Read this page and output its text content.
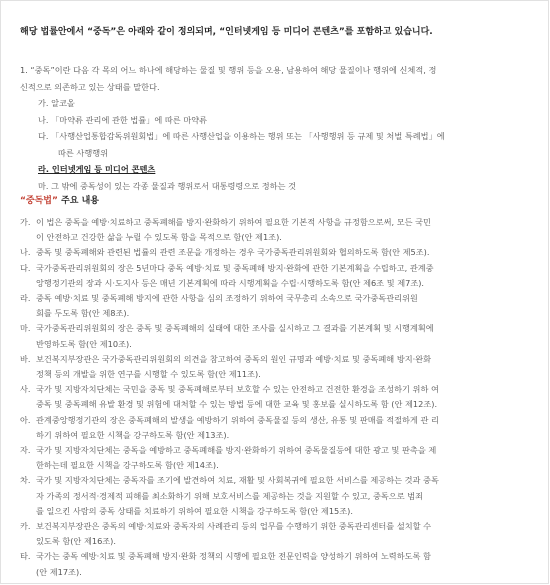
해당 법률안에서 “중독”은 아래와 같이 정의되며, “인터넷게임 등 미디어 콘텐츠”를 포함하고 있습니다.
1. “중독”이란 다음 각 목의 어느 하나에 해당하는 물질 및 행위 등을 오용, 남용하여 해당 물질이나 행위에 신체적, 정
신적으로 의존하고 있는 상태를 말한다.
가. 알코올
나. 「마약류 관리에 관한 법률」에 따른 마약류
다. 「사행산업통합감독위원회법」에 따른 사행산업을 이용하는 행위 또는 「사행행위 등 규제 및 처벌 특례법」에
따른 사행행위
라. 인터넷게임 등 미디어 콘텐츠
마. 그 밖에 중독성이 있는 각종 물질과 행위로서 대통령령으로 정하는 것
“중독법” 주요 내용
가. 이 법은 중독을 예방·치료하고 중독폐해를 방지·완화하기 위하여 필요한 기본적 사항을 규정함으로써, 모든 국민
이 안전하고 건강한 삶을 누릴 수 있도록 함을 목적으로 함(안 제1조).
나. 중독 및 중독폐해와 관련된 법률의 관련 조문을 개정하는 경우 국가중독관리위원회와 협의하도록 함(안 제5조).
다. 국가중독관리위원회의 장은 5년마다 중독 예방·치료 및 중독폐해 방지·완화에 관한 기본계획을 수립하고, 관계중
앙행정기관의 장과 시·도지사 등은 매년 기본계획에 따라 시행계획을 수립·시행하도록 함(안 제6조 및 제7조).
라. 중독 예방·치료 및 중독폐해 방지에 관한 사항을 심의 조정하기 위하여 국무총리 소속으로 국가중독관리위원
회를 두도록 함(안 제8조).
마. 국가중독관리위원회의 장은 중독 및 중독폐해의 실태에 대한 조사를 실시하고 그 결과를 기본계획 및 시행계획에
반영하도록 함(안 제10조).
바. 보건복지부장관은 국가중독관리위원회의 의견을 참고하여 중독의 원인 규명과 예방·치료 및 중독폐해 방지·완화
정책 등의 개발을 위한 연구를 시행할 수 있도록 함(안 제11조).
사. 국가 및 지방자치단체는 국민을 중독 및 중독폐해로부터 보호할 수 있는 안전하고 건전한 환경을 조성하기 위하 여
중독 및 중독폐해 유발 환경 및 위험에 대처할 수 있는 방법 등에 대한 교육 및 홍보를 실시하도록 함 (안 제12조).
아. 관계중앙행정기관의 장은 중독폐해의 발생을 예방하기 위하여 중독물질 등의 생산, 유통 및 판매를 적절하게 관 리
하기 위하여 필요한 시책을 강구하도록 함(안 제13조).
자. 국가 및 지방자치단체는 중독을 예방하고 중독폐해를 방지·완화하기 위하여 중독물질등에 대한 광고 및 판촉을 제
한하는데 필요한 시책을 강구하도록 함(안 제14조).
차. 국가 및 지방자치단체는 중독자를 조기에 발견하여 치료, 재활 및 사회복귀에 필요한 서비스를 제공하는 것과 중독
자 가족의 정서적·경제적 피해를 최소화하기 위해 보호서비스를 제공하는 것을 지원할 수 있고, 중독으로 범죄
를 일으킨 사람의 중독 상태를 치료하기 위하여 필요한 시책을 강구하도록 함(안 제15조).
카. 보건복지부장관은 중독의 예방·치료와 중독자의 사례관리 등의 업무를 수행하기 위한 중독관리센터를 설치할 수
있도록 함(안 제16조).
타. 국가는 중독 예방·치료 및 중독폐해 방지·완화 정책의 시행에 필요한 전문인력을 양성하기 위하여 노력하도록 함
(안 제17조).
